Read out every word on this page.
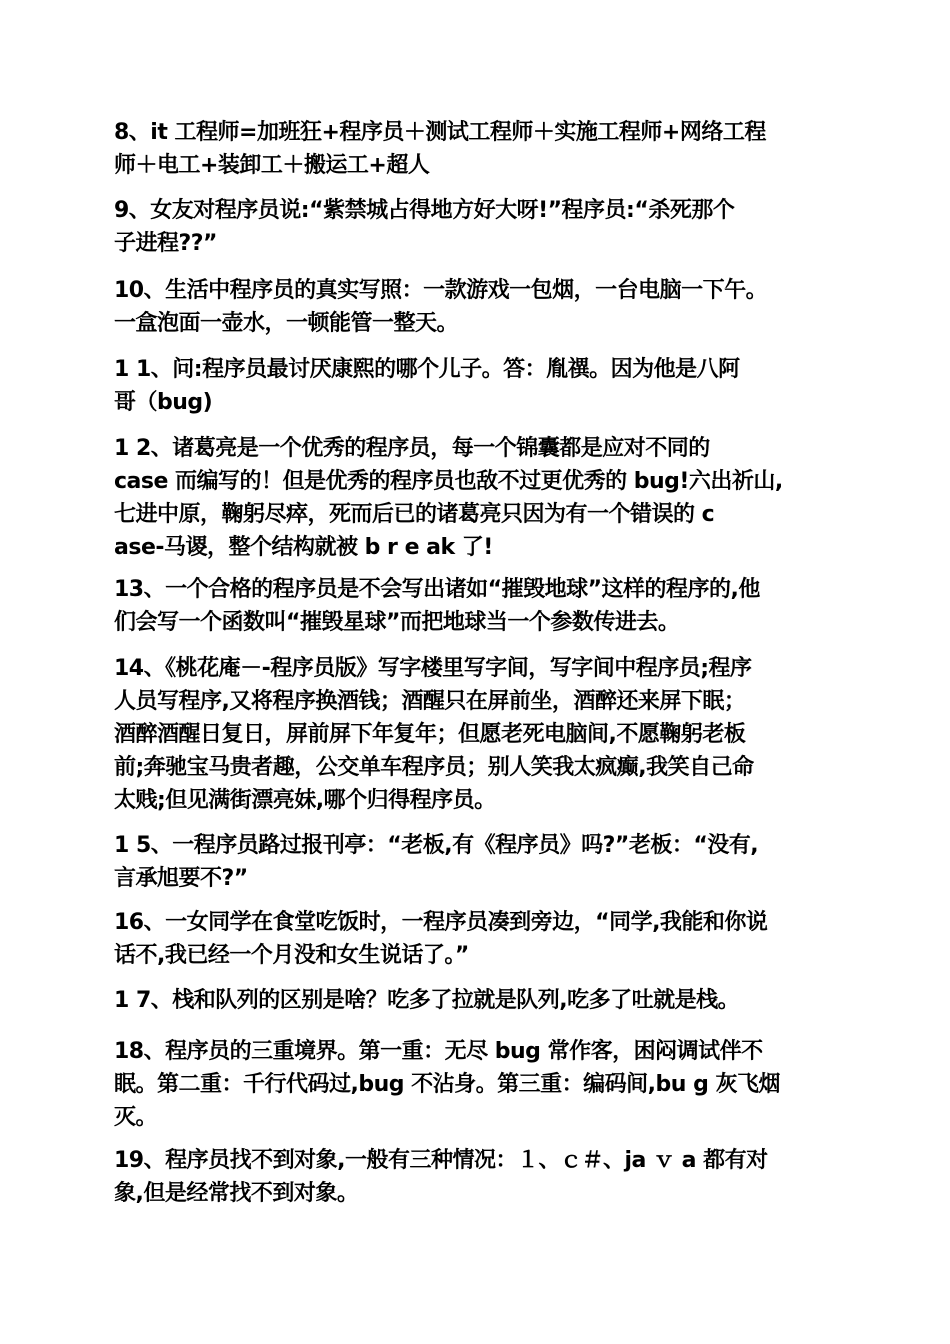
8、it 工程师=加班狂+程序员＋测试工程师＋实施工程师+网络工程
师＋电工+装卸工＋搬运工+超人

9、女友对程序员说:“紫禁城占得地方好大呀!”程序员:“杀死那个
子进程??”

10、生活中程序员的真实写照：一款游戏一包烟，一台电脑一下午。
一盒泡面一壶水，一顿能管一整天。

1 1、问:程序员最讨厌康熙的哪个儿子。答：胤禩。因为他是八阿
哥（bug)

1 2、诸葛亮是一个优秀的程序员，每一个锦囊都是应对不同的
case 而编写的！但是优秀的程序员也敌不过更优秀的 bug!六出祈山,
七进中原，鞠躬尽瘁，死而后已的诸葛亮只因为有一个错误的 c
ase-马谡，整个结构就被 b r e ak 了!

13、一个合格的程序员是不会写出诸如“摧毁地球”这样的程序的,他
们会写一个函数叫“摧毁星球”而把地球当一个参数传进去。

14、《桃花庵－-程序员版》写字楼里写字间，写字间中程序员;程序
人员写程序,又将程序换酒钱；酒醒只在屏前坐，酒醉还来屏下眠；
酒醉酒醒日复日，屏前屏下年复年；但愿老死电脑间,不愿鞠躬老板
前;奔驰宝马贵者趣，公交单车程序员；别人笑我太疯癫,我笑自己命
太贱;但见满街漂亮妹,哪个归得程序员。

1 5、一程序员路过报刊亭：“老板,有《程序员》吗?”老板：“没有,
言承旭要不?”

16、一女同学在食堂吃饭时，一程序员凑到旁边，“同学,我能和你说
话不,我已经一个月没和女生说话了。”

1 7、栈和队列的区别是啥？吃多了拉就是队列,吃多了吐就是栈。

18、程序员的三重境界。第一重：无尽 bug 常作客，困闷调试伴不
眠。第二重：千行代码过,bug 不沾身。第三重：编码间,bu g 灰飞烟
灭。

19、程序员找不到对象,一般有三种情况：１、ｃ＃、ja ｖ a 都有对
象,但是经常找不到对象。
